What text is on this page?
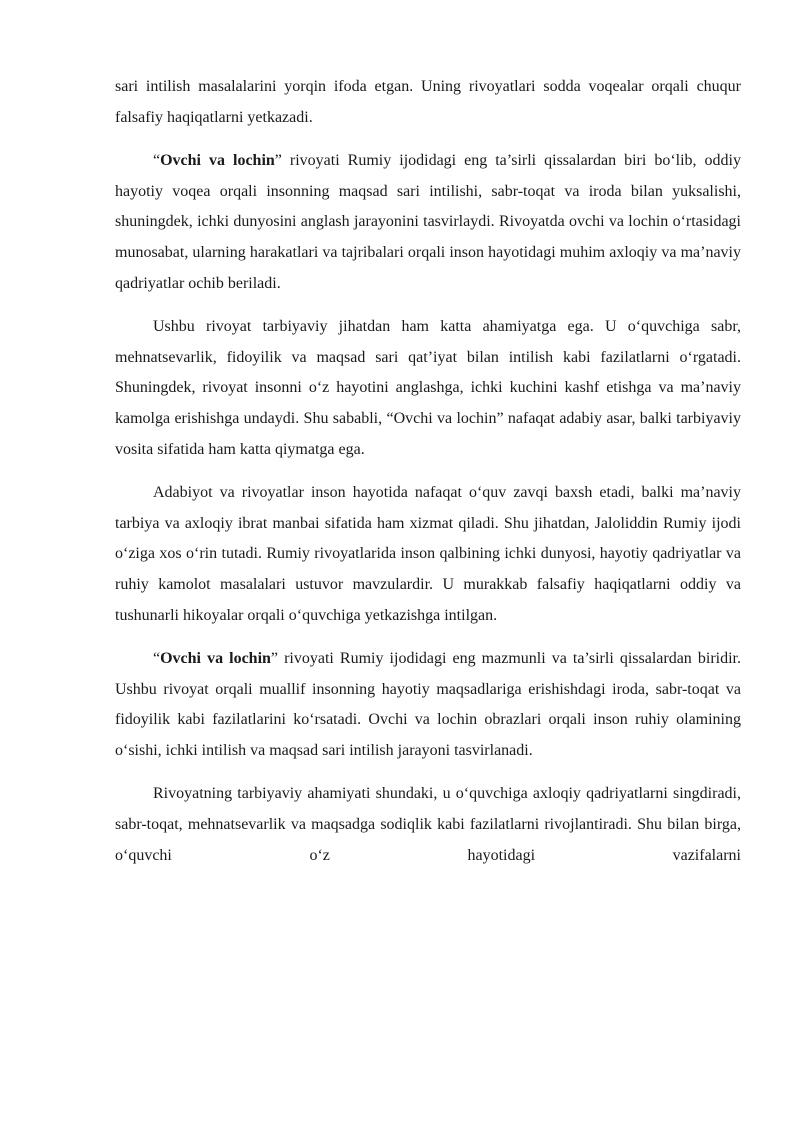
sari intilish masalalarini yorqin ifoda etgan. Uning rivoyatlari sodda voqealar orqali chuqur falsafiy haqiqatlarni yetkazadi.

“Ovchi va lochin” rivoyati Rumiy ijodidagi eng ta’sirli qissalardan biri bo‘lib, oddiy hayotiy voqea orqali insonning maqsad sari intilishi, sabr-toqat va iroda bilan yuksalishi, shuningdek, ichki dunyosini anglash jarayonini tasvirlaydi. Rivoyatda ovchi va lochin o‘rtasidagi munosabat, ularning harakatlari va tajribalari orqali inson hayotidagi muhim axloqiy va ma’naviy qadriyatlar ochib beriladi.

Ushbu rivoyat tarbiyaviy jihatdan ham katta ahamiyatga ega. U o‘quvchiga sabr, mehnatsevarlik, fidoyilik va maqsad sari qat’iyat bilan intilish kabi fazilatlarni o‘rgatadi. Shuningdek, rivoyat insonni o‘z hayotini anglashga, ichki kuchini kashf etishga va ma’naviy kamolga erishishga undaydi. Shu sababli, “Ovchi va lochin” nafaqat adabiy asar, balki tarbiyaviy vosita sifatida ham katta qiymatga ega.

Adabiyot va rivoyatlar inson hayotida nafaqat o‘quv zavqi baxsh etadi, balki ma’naviy tarbiya va axloqiy ibrat manbai sifatida ham xizmat qiladi. Shu jihatdan, Jaloliddin Rumiy ijodi o‘ziga xos o‘rin tutadi. Rumiy rivoyatlarida inson qalbining ichki dunyosi, hayotiy qadriyatlar va ruhiy kamolot masalalari ustuvor mavzulardir. U murakkab falsafiy haqiqatlarni oddiy va tushunarli hikoyalar orqali o‘quvchiga yetkazishga intilgan.

“Ovchi va lochin” rivoyati Rumiy ijodidagi eng mazmunli va ta’sirli qissalardan biridir. Ushbu rivoyat orqali muallif insonning hayotiy maqsadlariga erishishdagi iroda, sabr-toqat va fidoyilik kabi fazilatlarini ko‘rsatadi. Ovchi va lochin obrazlari orqali inson ruhiy olamining o‘sishi, ichki intilish va maqsad sari intilish jarayoni tasvirlanadi.

Rivoyatning tarbiyaviy ahamiyati shundaki, u o‘quvchiga axloqiy qadriyatlarni singdiradi, sabr-toqat, mehnatsevarlik va maqsadga sodiqlik kabi fazilatlarni rivojlantiradi. Shu bilan birga, o‘quvchi o‘z hayotidagi vazifalarni
